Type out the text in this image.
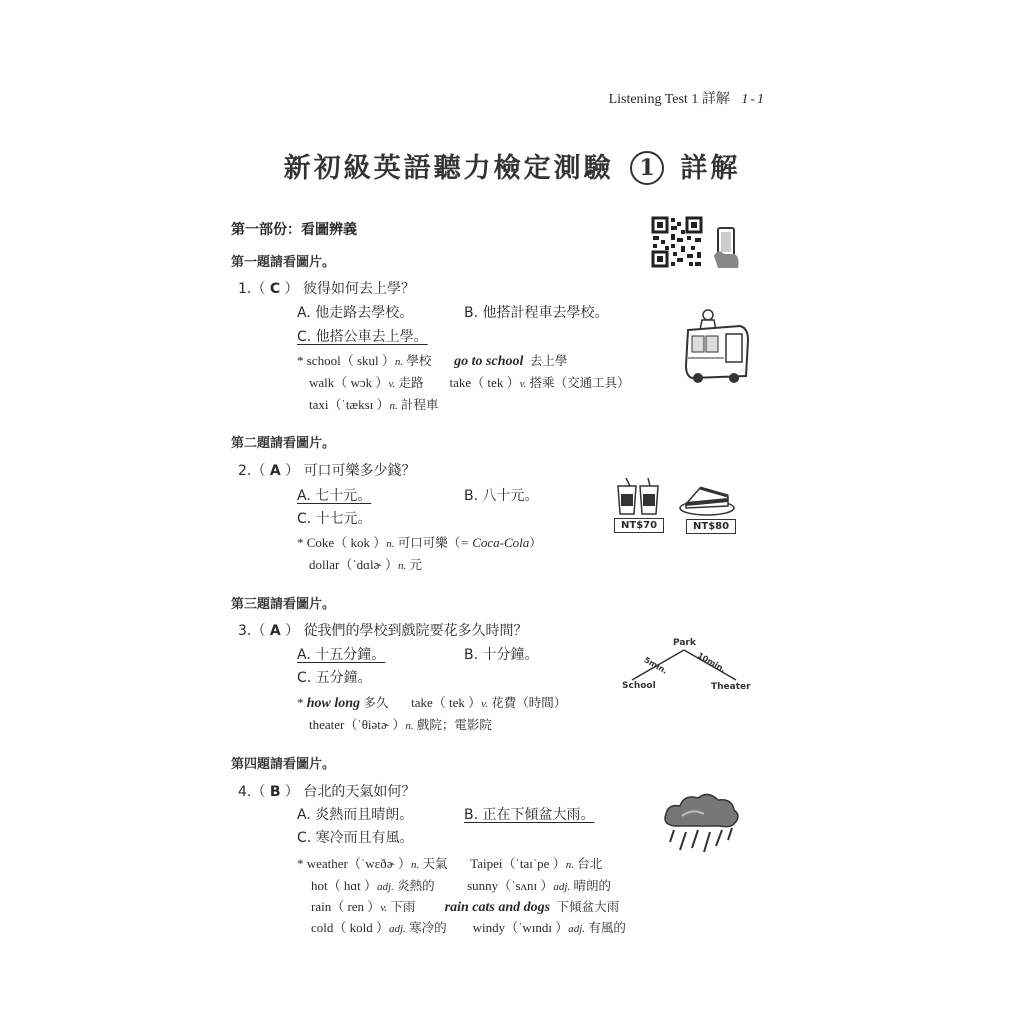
Listening Test 1 詳解 1-1
新初級英語聽力檢定測驗 1 詳解
第一部份：看圖辨義
第一題請看圖片。
1.（ C ） 彼得如何去上學？
A. 他走路去學校。	B. 他搭計程車去學校。
C. 他搭公車去上學。
* school（ skul ）n. 學校 go to school 去上學
walk（ wɔk ）v. 走路 take（ tek ）v. 搭乘（交通工具）
taxi（ˈtæksɪ ）n. 計程車
第二題請看圖片。
2.（ A ） 可口可樂多少錢？
A. 七十元。	B. 八十元。
C. 十七元。
* Coke（ kok ）n. 可口可樂（= Coca-Cola）
dollar（ˈdɑlɚ ）n. 元
NT$70	NT$80
第三題請看圖片。
3.（ A ） 從我們的學校到戲院要花多久時間？
A. 十五分鐘。	B. 十分鐘。
C. 五分鐘。
* how long 多久 take（ tek ）v. 花費（時間）
theater（ˈθiətɚ ）n. 戲院；電影院
Park
School	Theater
5min.	10min.
第四題請看圖片。
4.（ B ） 台北的天氣如何？
A. 炎熱而且晴朗。	B. 正在下傾盆大雨。
C. 寒冷而且有風。
* weather（ˈwɛðɚ ）n. 天氣 Taipei（ˈtaɪˈpe ）n. 台北
hot（ hɑt ）adj. 炎熱的	sunny（ˈsʌnɪ ）adj. 晴朗的
rain（ ren ）v. 下雨 rain cats and dogs 下傾盆大雨
cold（ kold ）adj. 寒冷的 windy（ˈwɪndɪ ）adj. 有風的
